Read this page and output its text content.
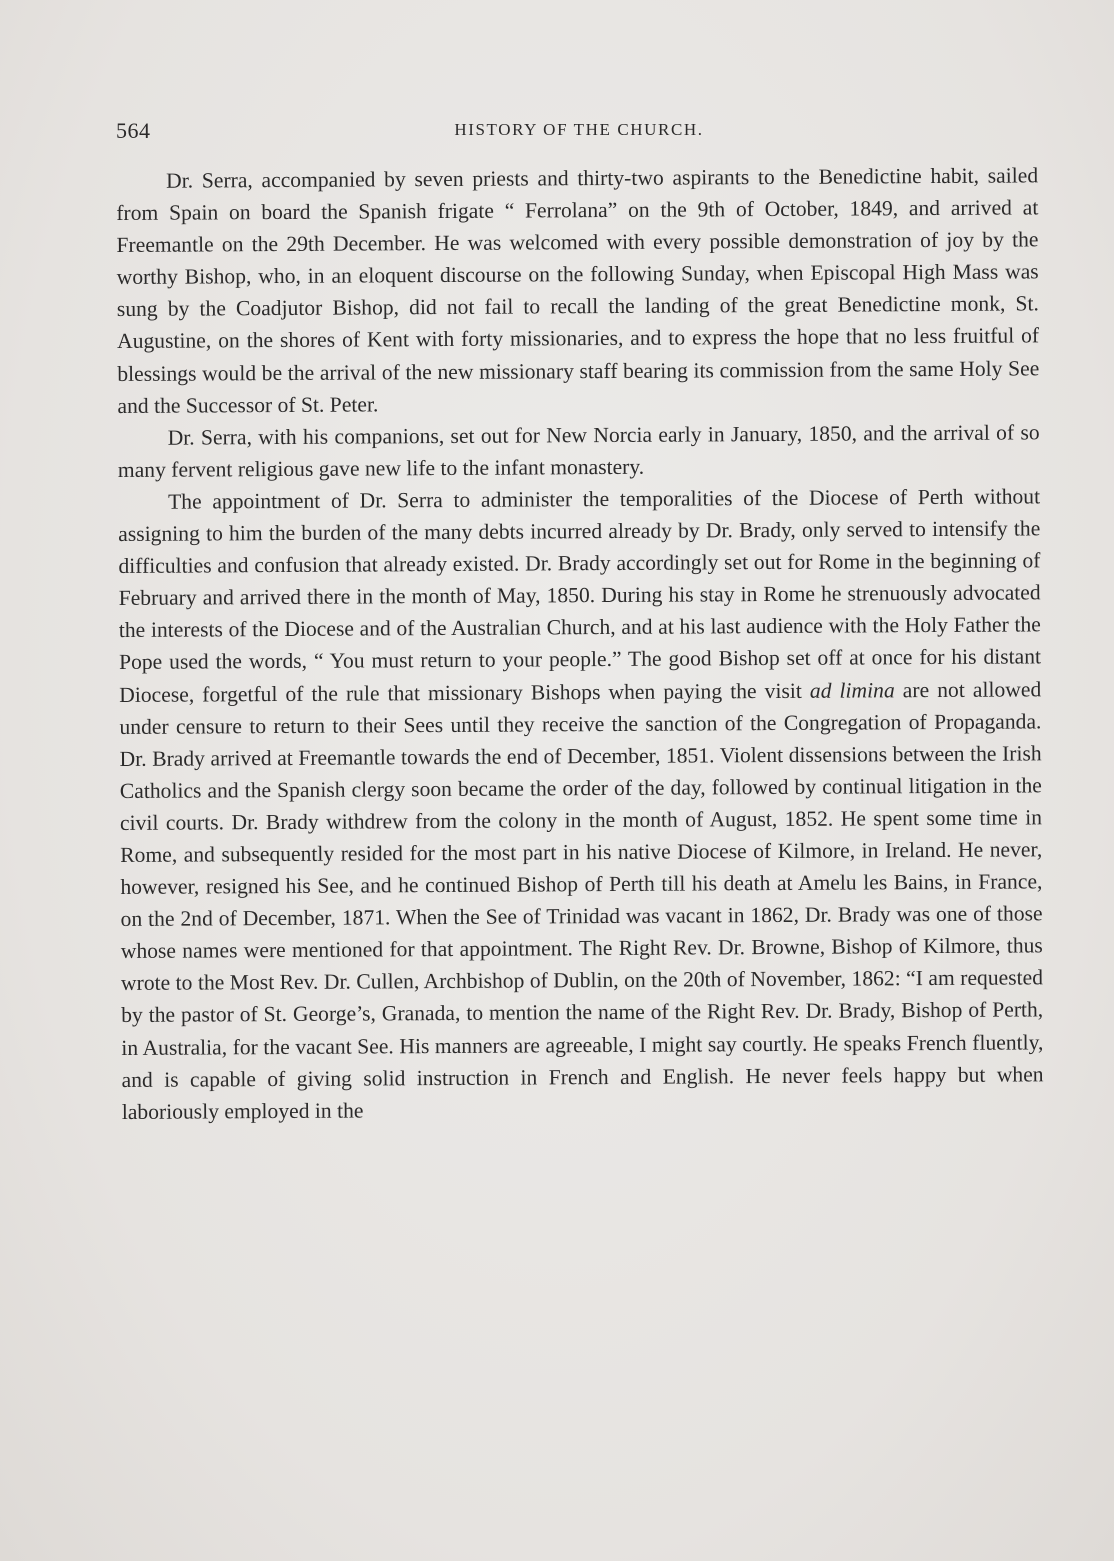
564	HISTORY OF THE CHURCH.

Dr. Serra, accompanied by seven priests and thirty-two aspirants to the Benedictine habit, sailed from Spain on board the Spanish frigate “ Ferrolana” on the 9th of October, 1849, and arrived at Freemantle on the 29th December. He was welcomed with every possible demonstration of joy by the worthy Bishop, who, in an eloquent discourse on the following Sunday, when Episcopal High Mass was sung by the Coadjutor Bishop, did not fail to recall the landing of the great Benedictine monk, St. Augustine, on the shores of Kent with forty missionaries, and to express the hope that no less fruitful of blessings would be the arrival of the new missionary staff bearing its commission from the same Holy See and the Successor of St. Peter.

Dr. Serra, with his companions, set out for New Norcia early in January, 1850, and the arrival of so many fervent religious gave new life to the infant monastery.

The appointment of Dr. Serra to administer the temporalities of the Diocese of Perth without assigning to him the burden of the many debts incurred already by Dr. Brady, only served to intensify the difficulties and confusion that already existed. Dr. Brady accordingly set out for Rome in the beginning of February and arrived there in the month of May, 1850. During his stay in Rome he strenuously advocated the interests of the Diocese and of the Australian Church, and at his last audience with the Holy Father the Pope used the words, “ You must return to your people.” The good Bishop set off at once for his distant Diocese, forgetful of the rule that missionary Bishops when paying the visit ad limina are not allowed under censure to return to their Sees until they receive the sanction of the Congregation of Propaganda. Dr. Brady arrived at Freemantle towards the end of December, 1851. Violent dissensions between the Irish Catholics and the Spanish clergy soon became the order of the day, followed by continual litigation in the civil courts. Dr. Brady withdrew from the colony in the month of August, 1852. He spent some time in Rome, and subsequently resided for the most part in his native Diocese of Kilmore, in Ireland. He never, however, resigned his See, and he continued Bishop of Perth till his death at Amelu les Bains, in France, on the 2nd of December, 1871. When the See of Trinidad was vacant in 1862, Dr. Brady was one of those whose names were mentioned for that appointment. The Right Rev. Dr. Browne, Bishop of Kilmore, thus wrote to the Most Rev. Dr. Cullen, Archbishop of Dublin, on the 20th of November, 1862: “I am requested by the pastor of St. George’s, Granada, to mention the name of the Right Rev. Dr. Brady, Bishop of Perth, in Australia, for the vacant See. His manners are agreeable, I might say courtly. He speaks French fluently, and is capable of giving solid instruction in French and English. He never feels happy but when laboriously employed in the
